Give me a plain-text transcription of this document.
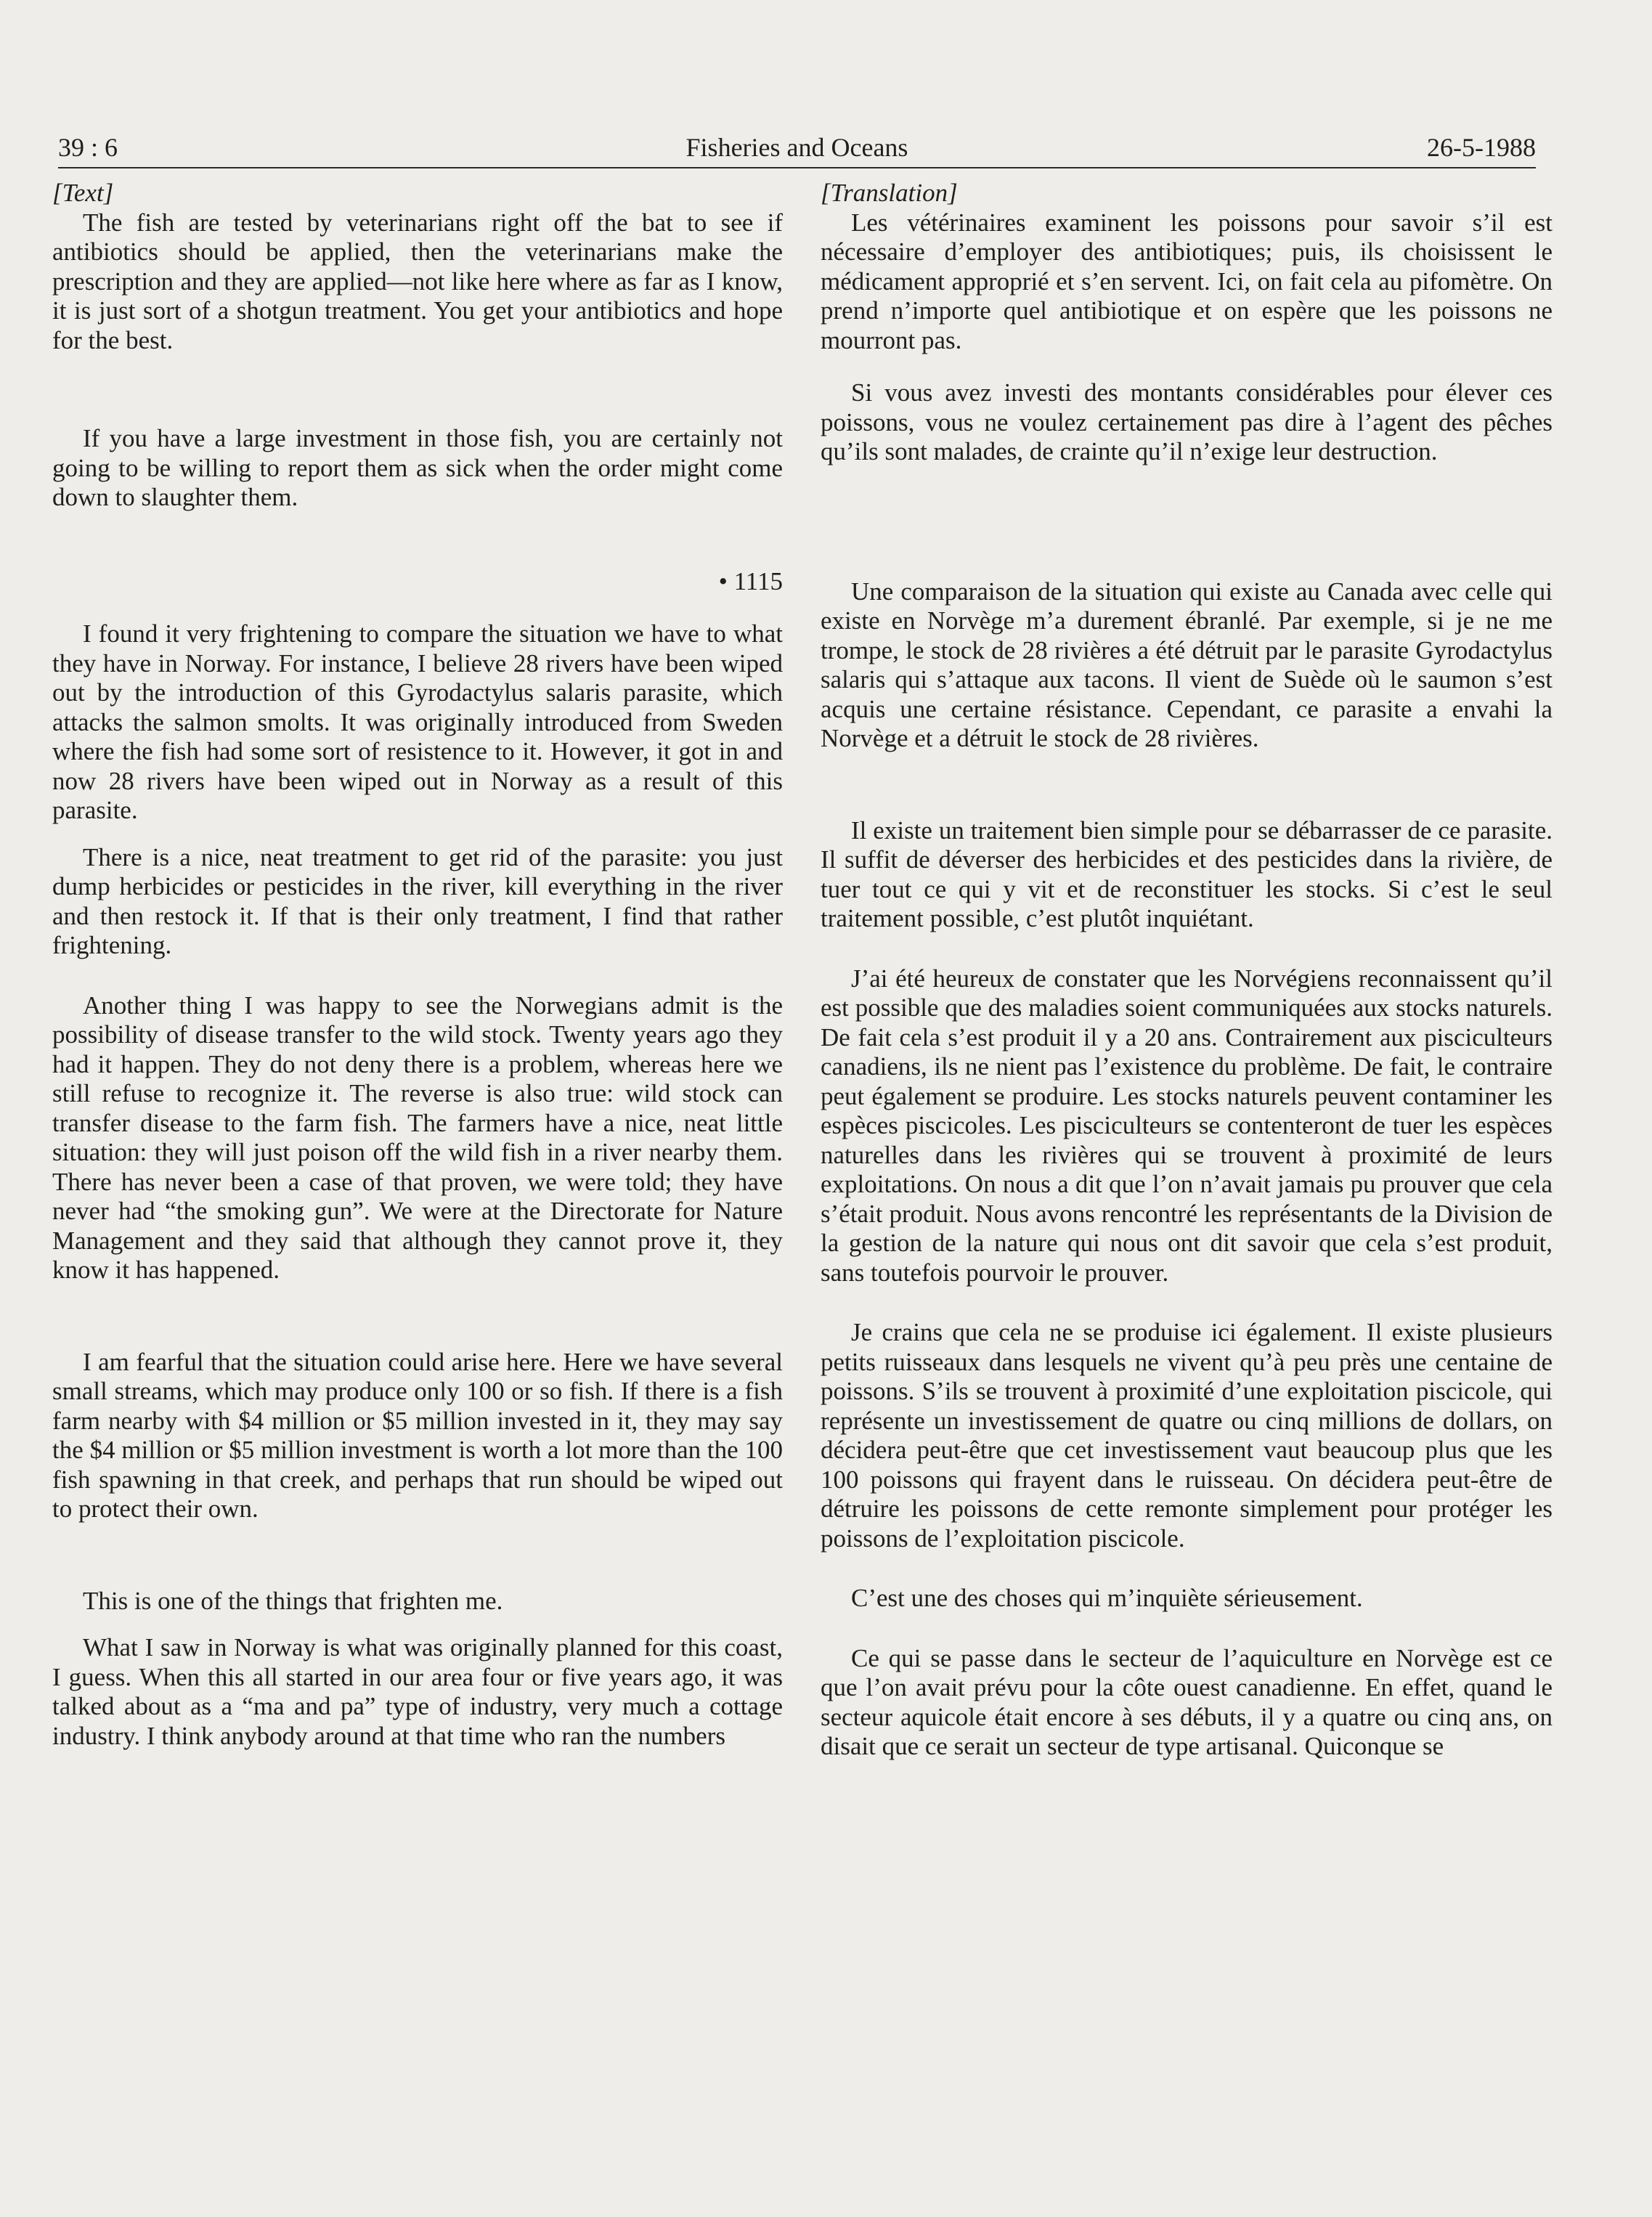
39 : 6	Fisheries and Oceans	26-5-1988

[Text]

The fish are tested by veterinarians right off the bat to see if antibiotics should be applied, then the veterinarians make the prescription and they are applied—not like here where as far as I know, it is just sort of a shotgun treatment. You get your antibiotics and hope for the best.

If you have a large investment in those fish, you are certainly not going to be willing to report them as sick when the order might come down to slaughter them.

• 1115

I found it very frightening to compare the situation we have to what they have in Norway. For instance, I believe 28 rivers have been wiped out by the introduction of this Gyrodactylus salaris parasite, which attacks the salmon smolts. It was originally introduced from Sweden where the fish had some sort of resistence to it. However, it got in and now 28 rivers have been wiped out in Norway as a result of this parasite.

There is a nice, neat treatment to get rid of the parasite: you just dump herbicides or pesticides in the river, kill everything in the river and then restock it. If that is their only treatment, I find that rather frightening.

Another thing I was happy to see the Norwegians admit is the possibility of disease transfer to the wild stock. Twenty years ago they had it happen. They do not deny there is a problem, whereas here we still refuse to recognize it. The reverse is also true: wild stock can transfer disease to the farm fish. The farmers have a nice, neat little situation: they will just poison off the wild fish in a river nearby them. There has never been a case of that proven, we were told; they have never had “the smoking gun”. We were at the Directorate for Nature Management and they said that although they cannot prove it, they know it has happened.

I am fearful that the situation could arise here. Here we have several small streams, which may produce only 100 or so fish. If there is a fish farm nearby with $4 million or $5 million invested in it, they may say the $4 million or $5 million investment is worth a lot more than the 100 fish spawning in that creek, and perhaps that run should be wiped out to protect their own.

This is one of the things that frighten me.

What I saw in Norway is what was originally planned for this coast, I guess. When this all started in our area four or five years ago, it was talked about as a “ma and pa” type of industry, very much a cottage industry. I think anybody around at that time who ran the numbers

[Translation]

Les vétérinaires examinent les poissons pour savoir s’il est nécessaire d’employer des antibiotiques; puis, ils choisissent le médicament approprié et s’en servent. Ici, on fait cela au pifomètre. On prend n’importe quel antibiotique et on espère que les poissons ne mourront pas.

Si vous avez investi des montants considérables pour élever ces poissons, vous ne voulez certainement pas dire à l’agent des pêches qu’ils sont malades, de crainte qu’il n’exige leur destruction.

Une comparaison de la situation qui existe au Canada avec celle qui existe en Norvège m’a durement ébranlé. Par exemple, si je ne me trompe, le stock de 28 rivières a été détruit par le parasite Gyrodactylus salaris qui s’attaque aux tacons. Il vient de Suède où le saumon s’est acquis une certaine résistance. Cependant, ce parasite a envahi la Norvège et a détruit le stock de 28 rivières.

Il existe un traitement bien simple pour se débarrasser de ce parasite. Il suffit de déverser des herbicides et des pesticides dans la rivière, de tuer tout ce qui y vit et de reconstituer les stocks. Si c’est le seul traitement possible, c’est plutôt inquiétant.

J’ai été heureux de constater que les Norvégiens reconnaissent qu’il est possible que des maladies soient communiquées aux stocks naturels. De fait cela s’est produit il y a 20 ans. Contrairement aux pisciculteurs canadiens, ils ne nient pas l’existence du problème. De fait, le contraire peut également se produire. Les stocks naturels peuvent contaminer les espèces piscicoles. Les pisciculteurs se contenteront de tuer les espèces naturelles dans les rivières qui se trouvent à proximité de leurs exploitations. On nous a dit que l’on n’avait jamais pu prouver que cela s’était produit. Nous avons rencontré les représentants de la Division de la gestion de la nature qui nous ont dit savoir que cela s’est produit, sans toutefois pourvoir le prouver.

Je crains que cela ne se produise ici également. Il existe plusieurs petits ruisseaux dans lesquels ne vivent qu’à peu près une centaine de poissons. S’ils se trouvent à proximité d’une exploitation piscicole, qui représente un investissement de quatre ou cinq millions de dollars, on décidera peut-être que cet investissement vaut beaucoup plus que les 100 poissons qui frayent dans le ruisseau. On décidera peut-être de détruire les poissons de cette remonte simplement pour protéger les poissons de l’exploitation piscicole.

C’est une des choses qui m’inquiète sérieusement.

Ce qui se passe dans le secteur de l’aquiculture en Norvège est ce que l’on avait prévu pour la côte ouest canadienne. En effet, quand le secteur aquicole était encore à ses débuts, il y a quatre ou cinq ans, on disait que ce serait un secteur de type artisanal. Quiconque se
